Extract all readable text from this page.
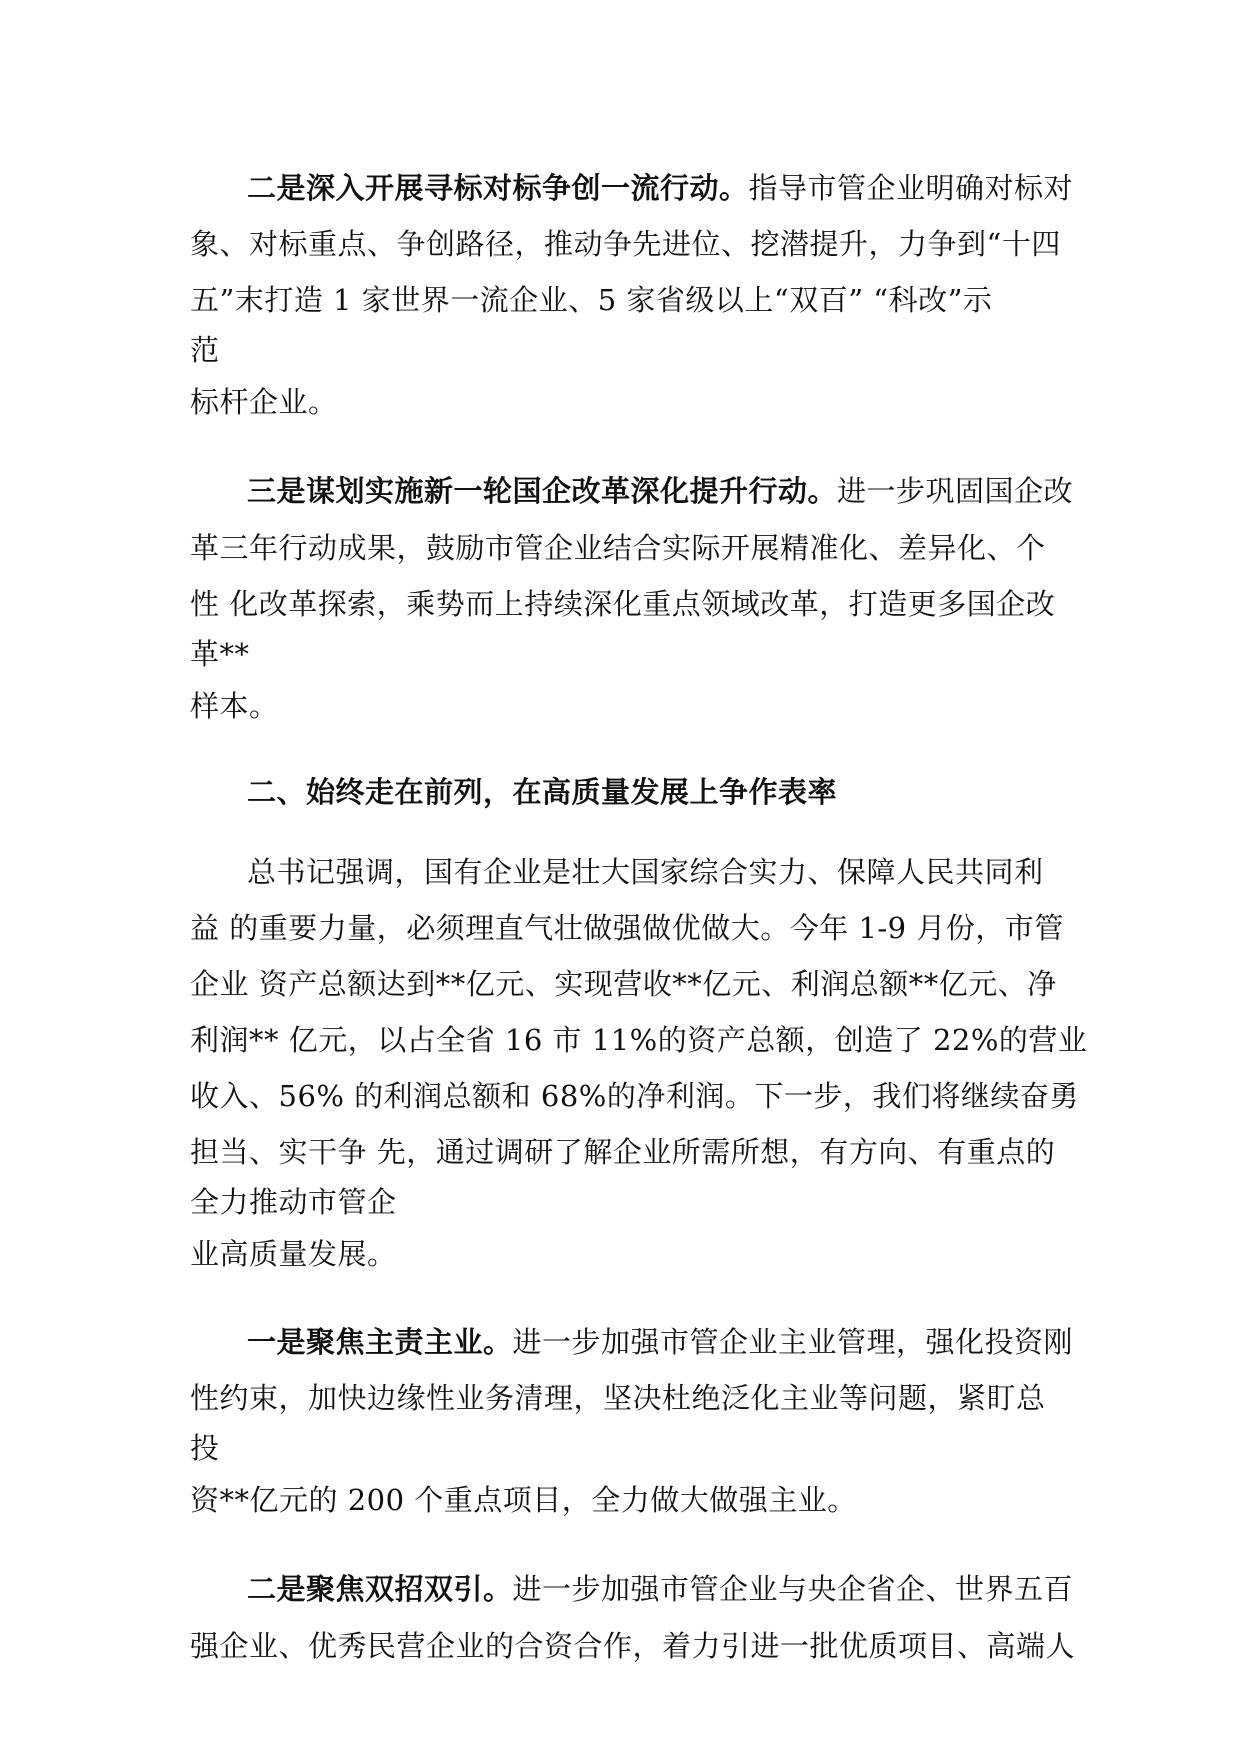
二是深入开展寻标对标争创一流行动。指导市管企业明确对标对
象、对标重点、争创路径，推动争先进位、挖潜提升，力争到“十四
五”末打造 1 家世界一流企业、5 家省级以上“双百” “科改”示
范
标杆企业。
三是谋划实施新一轮国企改革深化提升行动。进一步巩固国企改
革三年行动成果，鼓励市管企业结合实际开展精准化、差异化、个
性 化改革探索，乘势而上持续深化重点领域改革，打造更多国企改
革**
样本。
二、始终走在前列，在高质量发展上争作表率
总书记强调，国有企业是壮大国家综合实力、保障人民共同利
益 的重要力量，必须理直气壮做强做优做大。今年 1-9 月份，市管
企业 资产总额达到**亿元、实现营收**亿元、利润总额**亿元、净
利润** 亿元，以占全省 16 市 11%的资产总额，创造了 22%的营业
收入、56% 的利润总额和 68%的净利润。下一步，我们将继续奋勇
担当、实干争 先，通过调研了解企业所需所想，有方向、有重点的
全力推动市管企
业高质量发展。
一是聚焦主责主业。进一步加强市管企业主业管理，强化投资刚
性约束，加快边缘性业务清理，坚决杜绝泛化主业等问题，紧盯总
投
资**亿元的 200 个重点项目，全力做大做强主业。
二是聚焦双招双引。进一步加强市管企业与央企省企、世界五百
强企业、优秀民营企业的合资合作，着力引进一批优质项目、高端人
